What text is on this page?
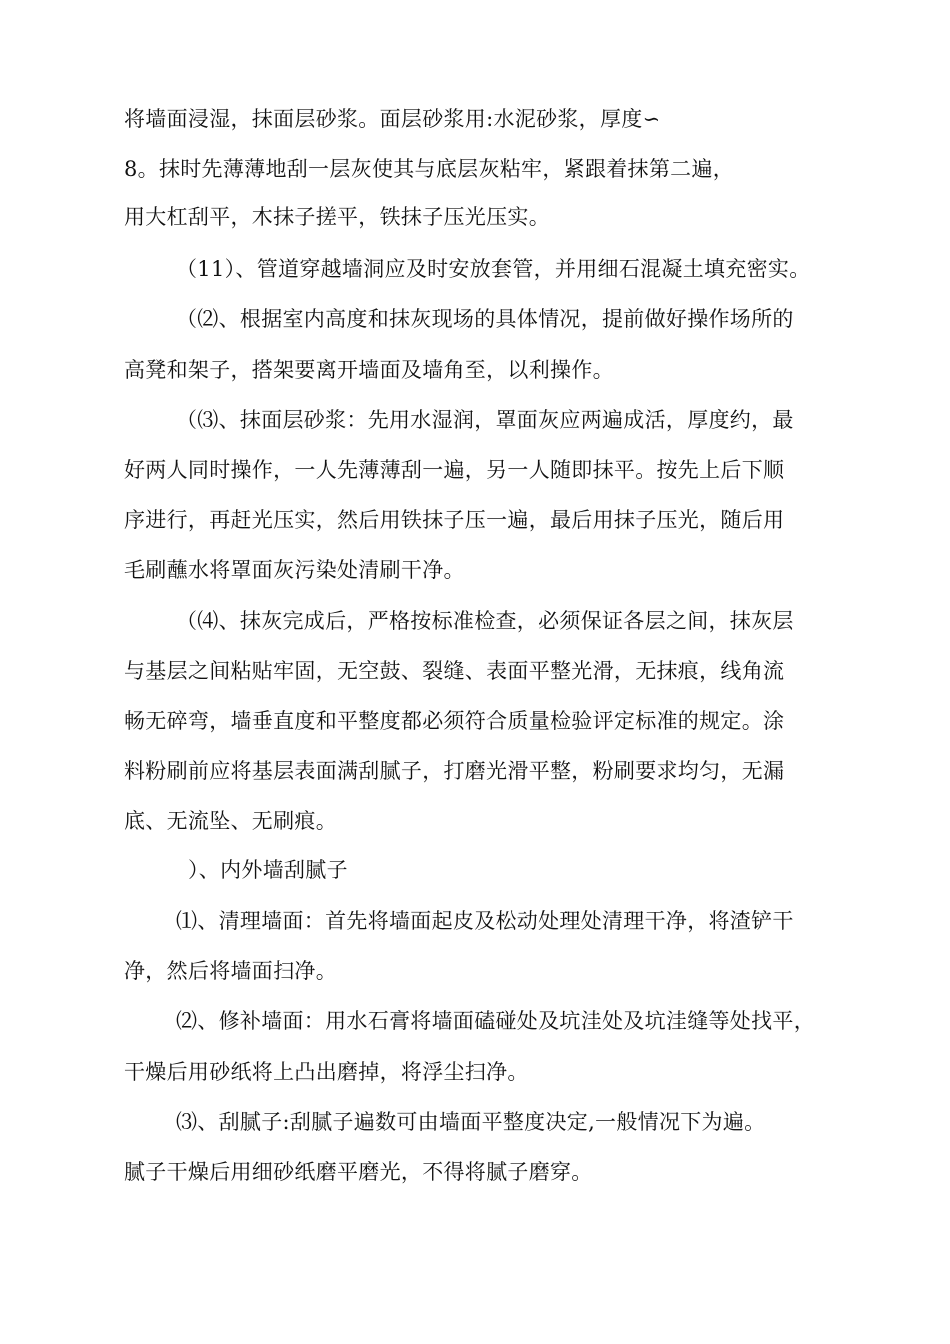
将墙面浸湿，抹面层砂浆。面层砂浆用:水泥砂浆，厚度∽
8。抹时先薄薄地刮一层灰使其与底层灰粘牢，紧跟着抹第二遍，
用大杠刮平，木抹子搓平，铁抹子压光压实。
（11）、管道穿越墙洞应及时安放套管，并用细石混凝土填充密实。
（⑵、根据室内高度和抹灰现场的具体情况，提前做好操作场所的
高凳和架子，搭架要离开墙面及墙角至，以利操作。
（⑶、抹面层砂浆：先用水湿润，罩面灰应两遍成活，厚度约，最
好两人同时操作，一人先薄薄刮一遍，另一人随即抹平。按先上后下顺
序进行，再赶光压实，然后用铁抹子压一遍，最后用抹子压光，随后用
毛刷蘸水将罩面灰污染处清刷干净。
（⑷、抹灰完成后，严格按标准检查，必须保证各层之间，抹灰层
与基层之间粘贴牢固，无空鼓、裂缝、表面平整光滑，无抹痕，线角流
畅无碎弯，墙垂直度和平整度都必须符合质量检验评定标准的规定。涂
料粉刷前应将基层表面满刮腻子，打磨光滑平整，粉刷要求均匀，无漏
底、无流坠、无刷痕。
）、内外墙刮腻子
⑴、清理墙面：首先将墙面起皮及松动处理处清理干净，将渣铲干
净，然后将墙面扫净。
⑵、修补墙面：用水石膏将墙面磕碰处及坑洼处及坑洼缝等处找平，
干燥后用砂纸将上凸出磨掉，将浮尘扫净。
⑶、刮腻子:刮腻子遍数可由墙面平整度决定,一般情况下为遍。
腻子干燥后用细砂纸磨平磨光，不得将腻子磨穿。
